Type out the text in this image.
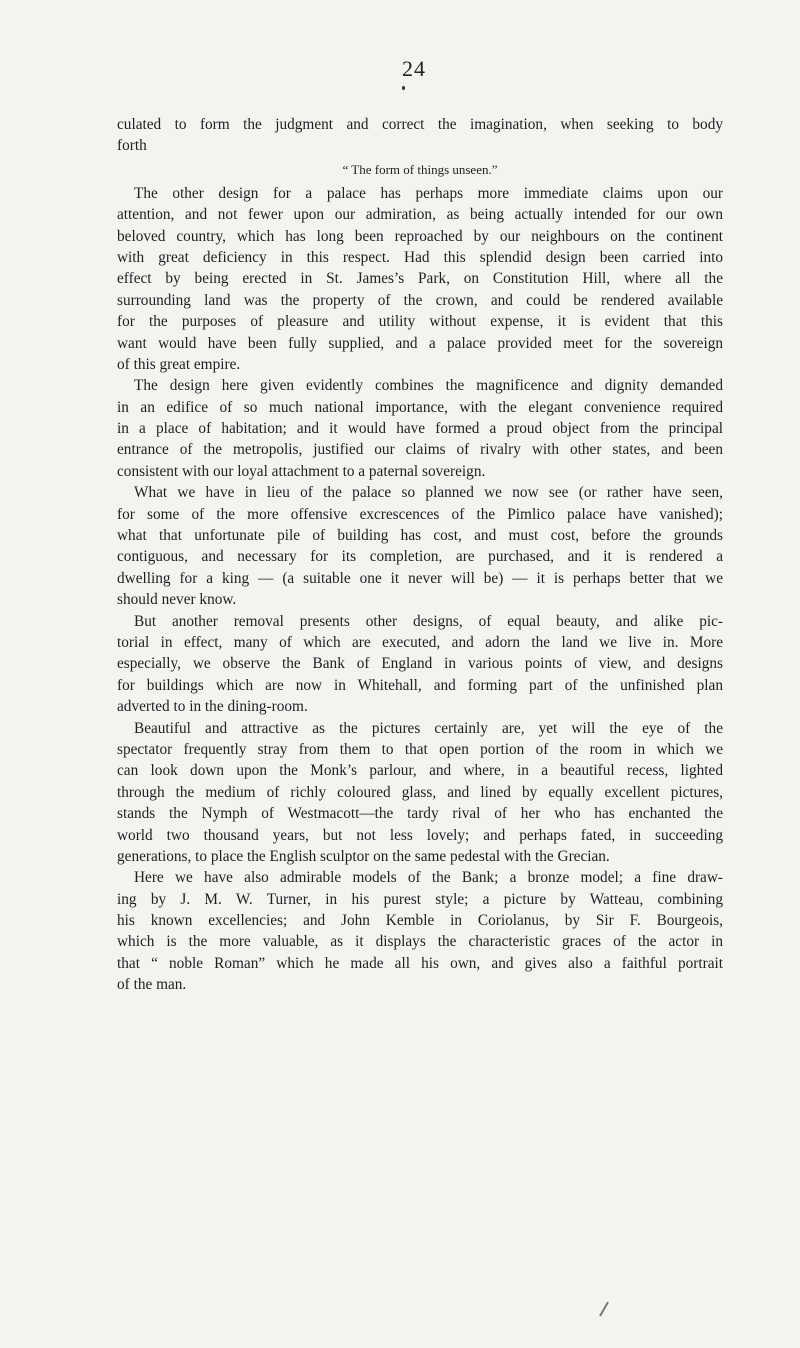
24
culated to form the judgment and correct the imagination, when seeking to body
forth
“ The form of things unseen.”
The other design for a palace has perhaps more immediate claims upon our
attention, and not fewer upon our admiration, as being actually intended for our own
beloved country, which has long been reproached by our neighbours on the continent
with great deficiency in this respect. Had this splendid design been carried into
effect by being erected in St. James’s Park, on Constitution Hill, where all the
surrounding land was the property of the crown, and could be rendered available
for the purposes of pleasure and utility without expense, it is evident that this
want would have been fully supplied, and a palace provided meet for the sovereign
of this great empire.
The design here given evidently combines the magnificence and dignity demanded
in an edifice of so much national importance, with the elegant convenience required
in a place of habitation; and it would have formed a proud object from the principal
entrance of the metropolis, justified our claims of rivalry with other states, and been
consistent with our loyal attachment to a paternal sovereign.
What we have in lieu of the palace so planned we now see (or rather have seen,
for some of the more offensive excrescences of the Pimlico palace have vanished);
what that unfortunate pile of building has cost, and must cost, before the grounds
contiguous, and necessary for its completion, are purchased, and it is rendered a
dwelling for a king — (a suitable one it never will be) — it is perhaps better that we
should never know.
But another removal presents other designs, of equal beauty, and alike pic-
torial in effect, many of which are executed, and adorn the land we live in. More
especially, we observe the Bank of England in various points of view, and designs
for buildings which are now in Whitehall, and forming part of the unfinished plan
adverted to in the dining-room.
Beautiful and attractive as the pictures certainly are, yet will the eye of the
spectator frequently stray from them to that open portion of the room in which we
can look down upon the Monk’s parlour, and where, in a beautiful recess, lighted
through the medium of richly coloured glass, and lined by equally excellent pictures,
stands the Nymph of Westmacott—the tardy rival of her who has enchanted the
world two thousand years, but not less lovely; and perhaps fated, in succeeding
generations, to place the English sculptor on the same pedestal with the Grecian.
Here we have also admirable models of the Bank; a bronze model; a fine draw-
ing by J. M. W. Turner, in his purest style; a picture by Watteau, combining
his known excellencies; and John Kemble in Coriolanus, by Sir F. Bourgeois,
which is the more valuable, as it displays the characteristic graces of the actor in
that “ noble Roman” which he made all his own, and gives also a faithful portrait
of the man.
